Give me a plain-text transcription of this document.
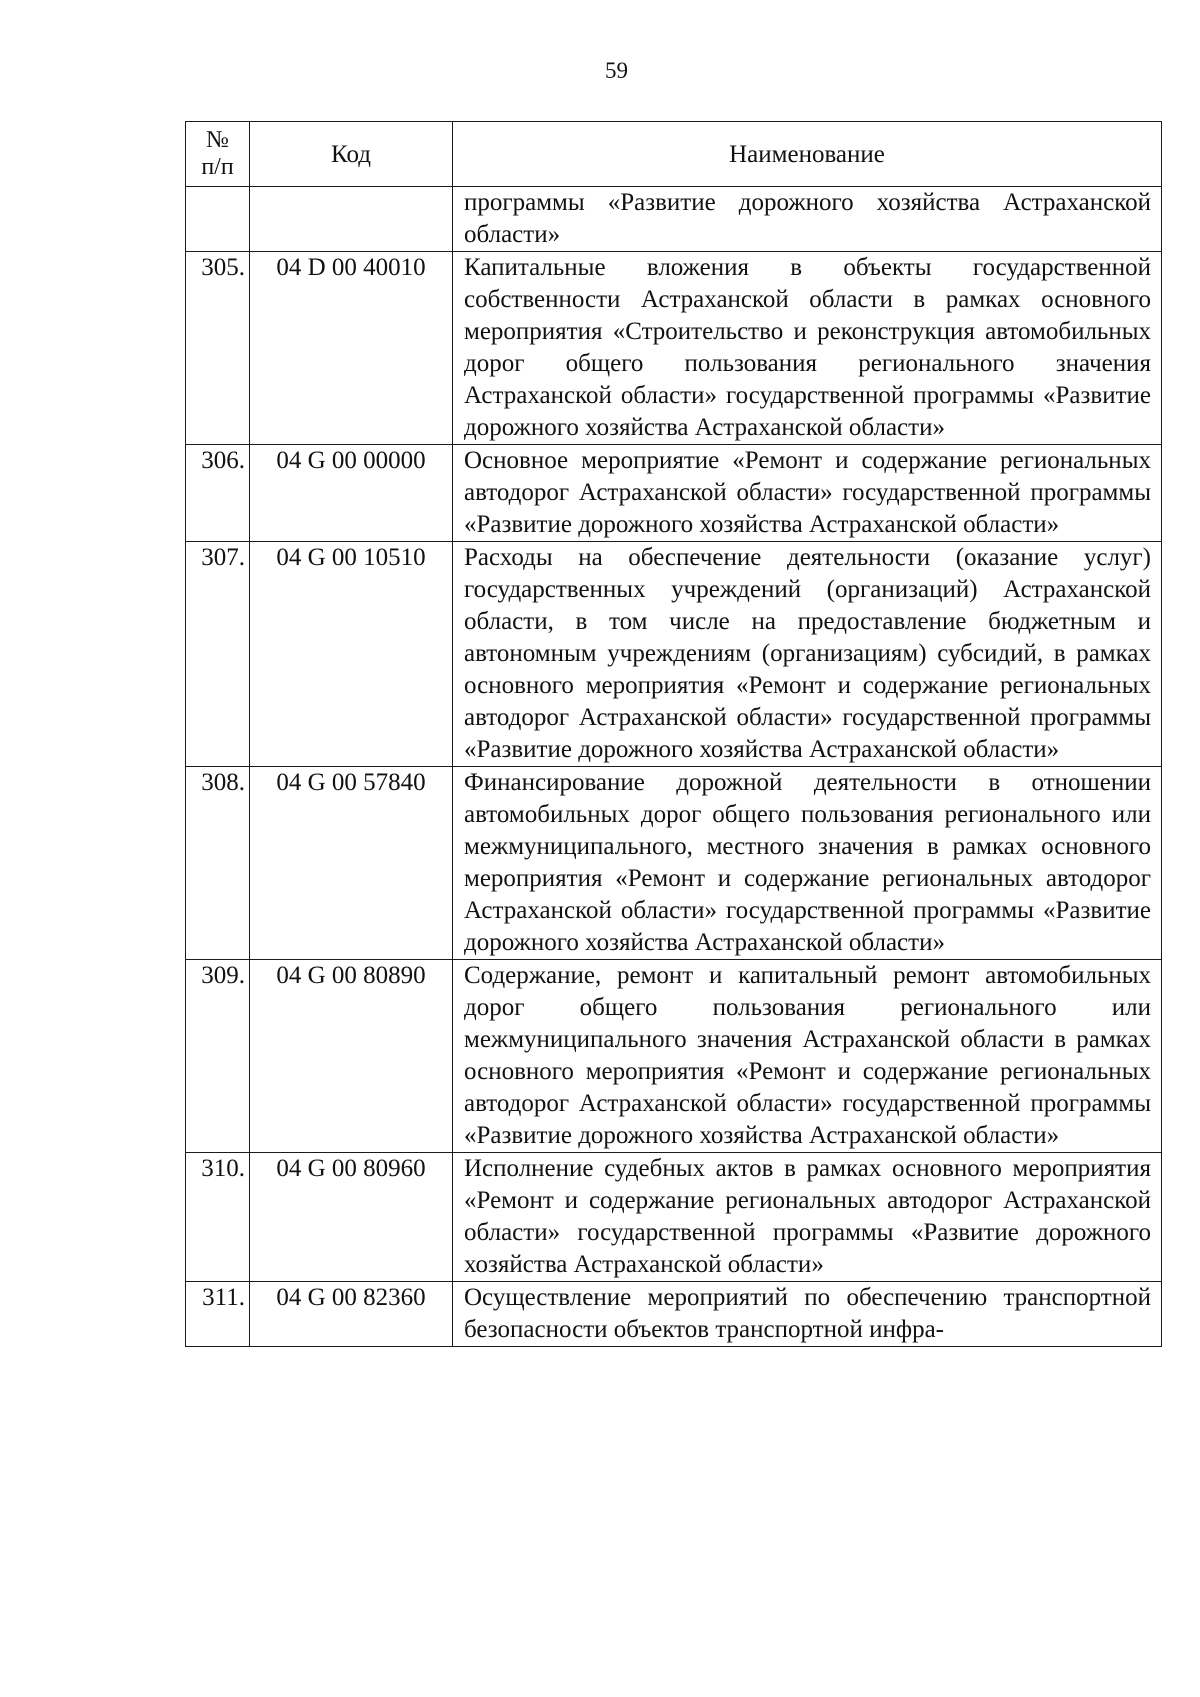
59
№
п/п	Код	Наименование
		программы «Развитие дорожного хозяйства Астраханской области»
305.	04 D 00 40010	Капитальные вложения в объекты государственной собственности Астраханской области в рамках основного мероприятия «Строительство и реконструкция автомобильных дорог общего пользования регионального значения Астраханской области» государственной программы «Развитие дорожного хозяйства Астраханской области»
306.	04 G 00 00000	Основное мероприятие «Ремонт и содержание региональных автодорог Астраханской области» государственной программы «Развитие дорожного хозяйства Астраханской области»
307.	04 G 00 10510	Расходы на обеспечение деятельности (оказание услуг) государственных учреждений (организаций) Астраханской области, в том числе на предоставление бюджетным и автономным учреждениям (организациям) субсидий, в рамках основного мероприятия «Ремонт и содержание региональных автодорог Астраханской области» государственной программы «Развитие дорожного хозяйства Астраханской области»
308.	04 G 00 57840	Финансирование дорожной деятельности в отношении автомобильных дорог общего пользования регионального или межмуниципального, местного значения в рамках основного мероприятия «Ремонт и содержание региональных автодорог Астраханской области» государственной программы «Развитие дорожного хозяйства Астраханской области»
309.	04 G 00 80890	Содержание, ремонт и капитальный ремонт автомобильных дорог общего пользования регионального или межмуниципального значения Астраханской области в рамках основного мероприятия «Ремонт и содержание региональных автодорог Астраханской области» государственной программы «Развитие дорожного хозяйства Астраханской области»
310.	04 G 00 80960	Исполнение судебных актов в рамках основного мероприятия «Ремонт и содержание региональных автодорог Астраханской области» государственной программы «Развитие дорожного хозяйства Астраханской области»
311.	04 G 00 82360	Осуществление мероприятий по обеспечению транспортной безопасности объектов транспортной инфра-
